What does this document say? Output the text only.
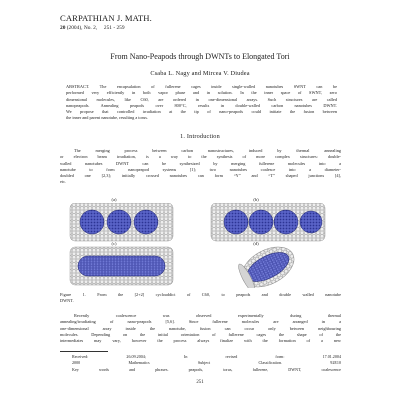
CARPATHIAN J. MATH.
20 (2004), No. 2, 251 - 259
From Nano-Peapods through DWNTs to Elongated Tori
Csaba L. Nagy and Mircea V. Diudea
ABSTRACT. The encapsulation of fullerene cages inside single-walled nanotubes SWNT can be
performed very efficiently in both vapor phase and in solution. In the inner space of SWNT, zero
dimensional molecules, like C60, are ordered in one-dimensional arrays. Such structures are called
nanopeapods. Annealing peapods over 800°C, results in double-walled carbon nanotubes DWNT.
We propose that controlled irradiation at the tip of nano-peapods could initiate the fusion between
the inner and parent nanotube, resulting a torus.
1. Introduction
The merging process between carbon nanostructures, induced by thermal annealing
or electron beam irradiation, is a way to the synthesis of more complex structures: double-
walled nanotubes DWNT can be synthesized by merging fullerene molecules into a
nanotube to form nanopeapod systems [1]; two nanotubes coalesce into a diameter-
doubled one [2,3]; initially crossed nanotubes can form “Y” and “T” shaped junctions [4],
etc.
(a)	(b)
(c)	(d)
Figure 1. From the [2+2] cycloaddict of C60, to peapods and double walled nanotube
DWNT.
Recently coalescence was observed experimentally during thermal
annealing/irradiating of nano-peapods [5,6]. Since fullerene molecules are arranged in a
one-dimensional array inside the nanotube, fusion can occur only between neighbouring
molecules. Depending on the initial orientation of fullerene cages the shape of the
intermediates may vary, however the process always finalize with the formation of a new
Received: 26.09.2004; In revised form: 17.01.2004
2000 Mathematics Subject Classification. 92E10
Key words and phrases. peapods, torus, fullerene, DWNT, coalescence
251
